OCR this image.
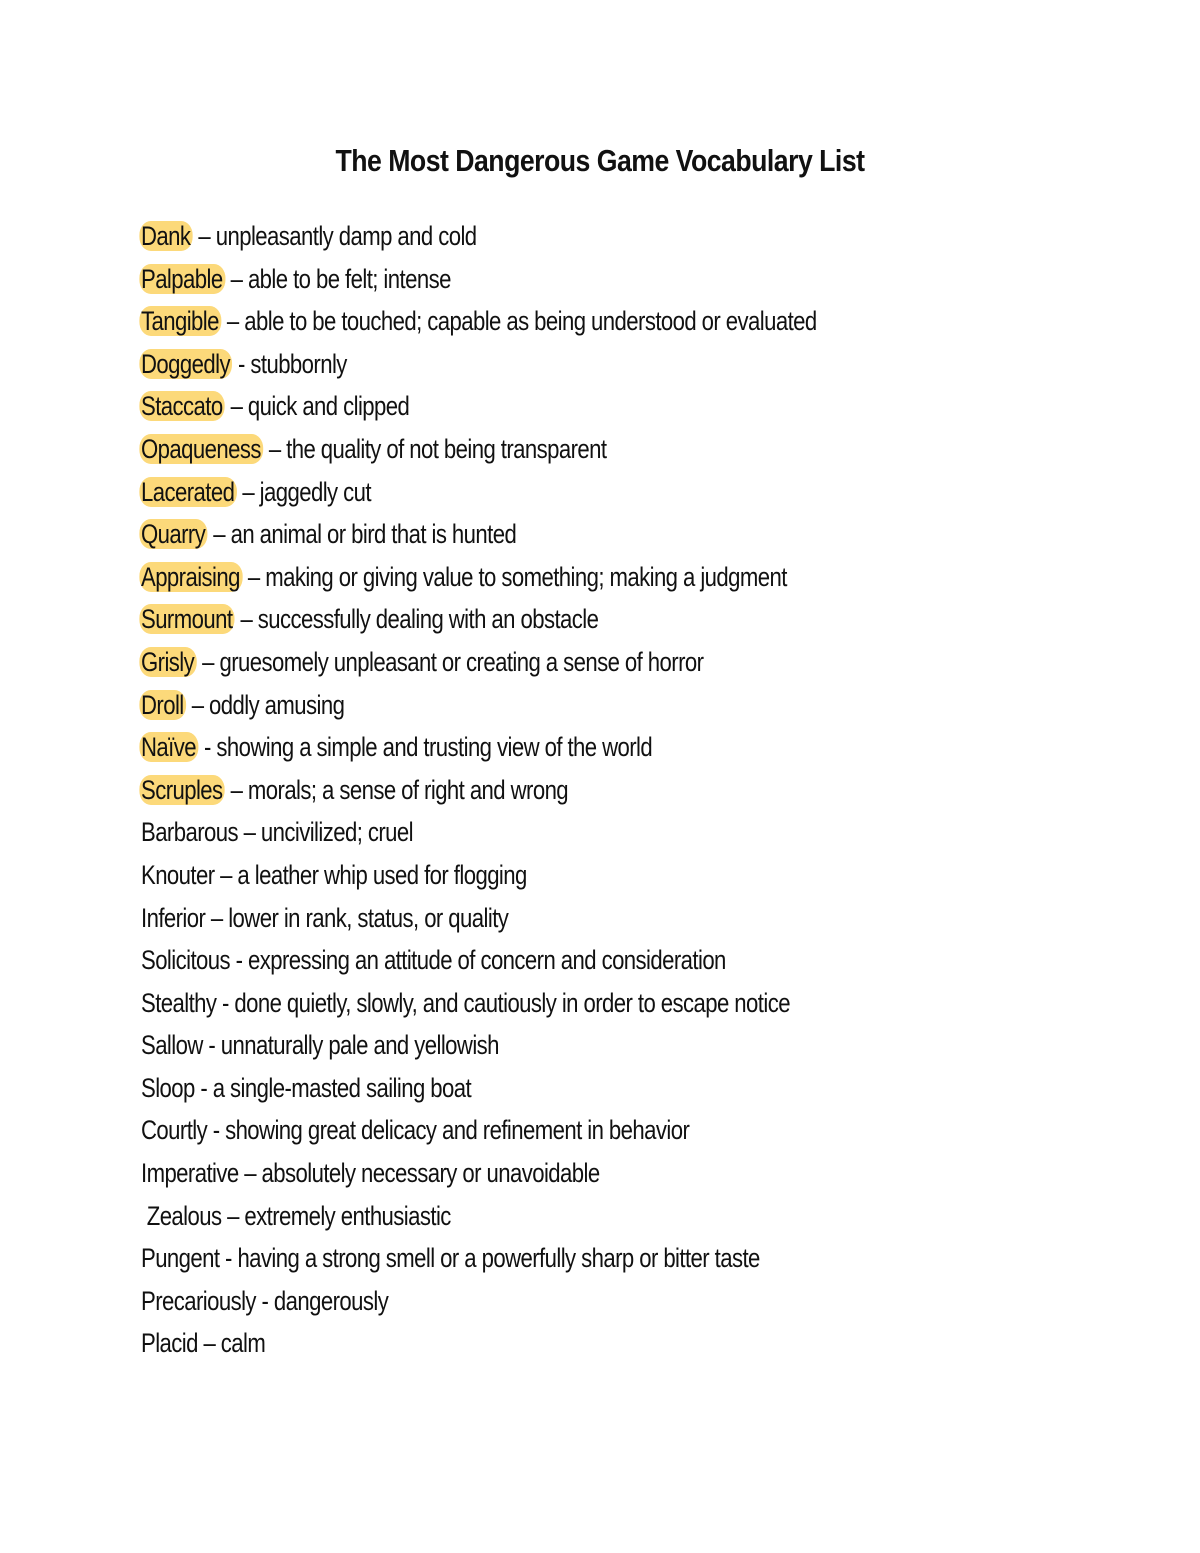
The Most Dangerous Game Vocabulary List
Dank – unpleasantly damp and cold
Palpable – able to be felt; intense
Tangible – able to be touched; capable as being understood or evaluated
Doggedly - stubbornly
Staccato – quick and clipped
Opaqueness – the quality of not being transparent
Lacerated – jaggedly cut
Quarry – an animal or bird that is hunted
Appraising – making or giving value to something; making a judgment
Surmount – successfully dealing with an obstacle
Grisly – gruesomely unpleasant or creating a sense of horror
Droll – oddly amusing
Naïve - showing a simple and trusting view of the world
Scruples – morals; a sense of right and wrong
Barbarous – uncivilized; cruel
Knouter – a leather whip used for flogging
Inferior – lower in rank, status, or quality
Solicitous - expressing an attitude of concern and consideration
Stealthy - done quietly, slowly, and cautiously in order to escape notice
Sallow - unnaturally pale and yellowish
Sloop - a single-masted sailing boat
Courtly - showing great delicacy and refinement in behavior
Imperative – absolutely necessary or unavoidable
Zealous – extremely enthusiastic
Pungent - having a strong smell or a powerfully sharp or bitter taste
Precariously - dangerously
Placid – calm
